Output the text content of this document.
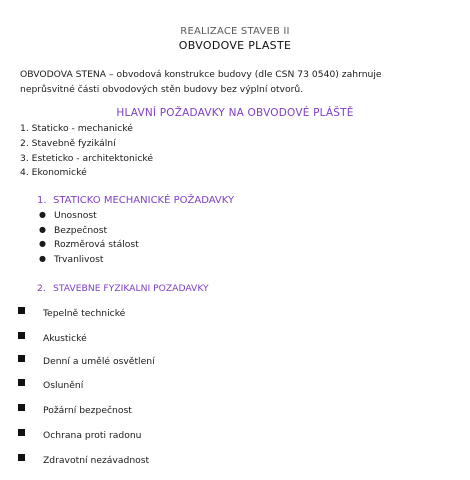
REALIZACE STAVEB II
OBVODOVE PLASTE
OBVODOVA STENA – obvodová konstrukce budovy (dle CSN 73 0540) zahrnuje
neprůsvitné části obvodových stěn budovy bez výplní otvorů.
HLAVNÍ POŽADAVKY NA OBVODOVÉ PLÁŠTĚ
1. Staticko - mechanické
2. Stavebně fyzikální
3. Esteticko - architektonické
4. Ekonomické
1. STATICKO MECHANICKÉ POŽADAVKY
● Unosnost
● Bezpečnost
● Rozměrová stálost
● Trvanlivost
2. STAVEBNE FYZIKALNI POZADAVKY
Tepelně technické
Akustické
Denní a umělé osvětlení
Oslunění
Požární bezpečnost
Ochrana proti radonu
Zdravotní nezávadnost
